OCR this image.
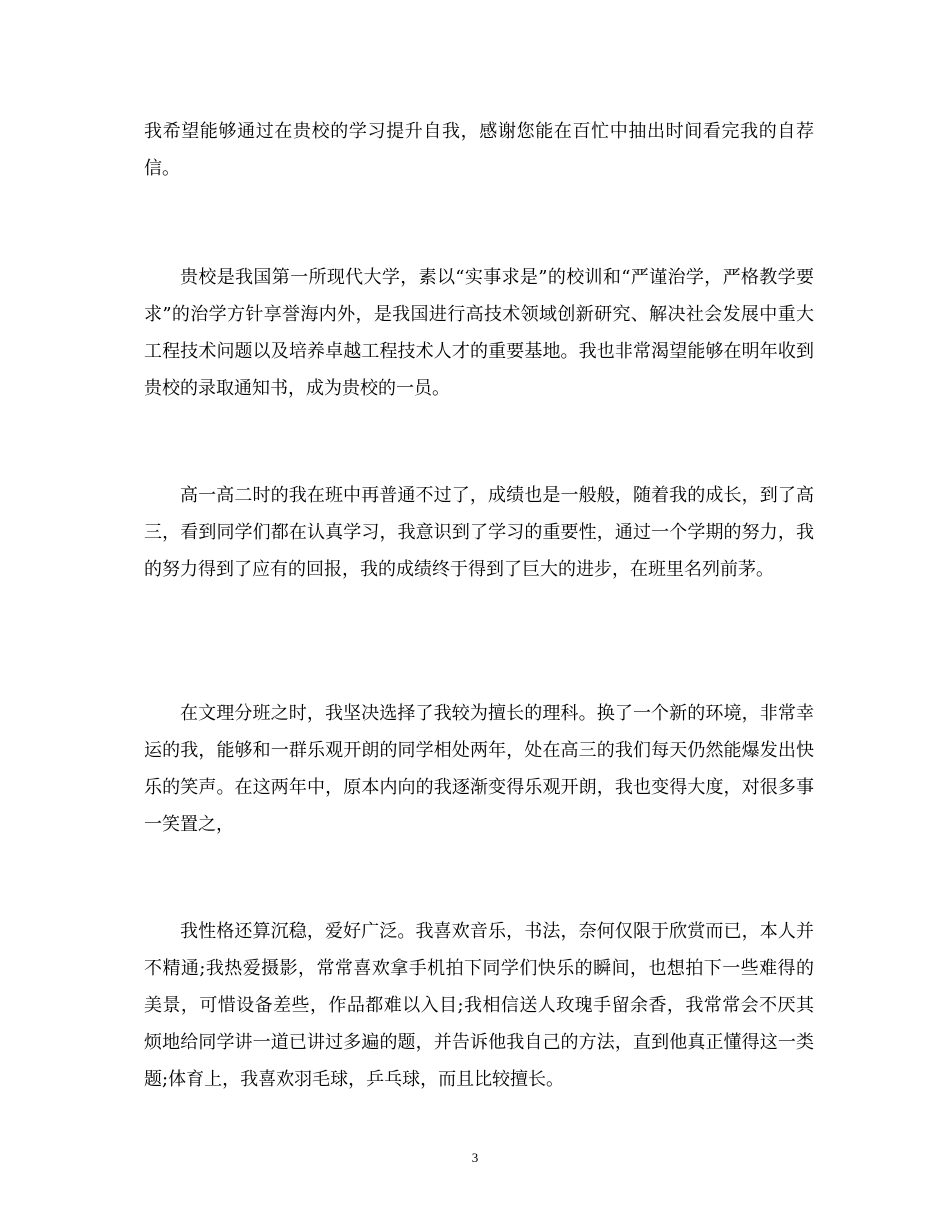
我希望能够通过在贵校的学习提升自我，感谢您能在百忙中抽出时间看完我的自荐信。

贵校是我国第一所现代大学，素以“实事求是”的校训和“严谨治学，严格教学要求”的治学方针享誉海内外，是我国进行高技术领域创新研究、解决社会发展中重大工程技术问题以及培养卓越工程技术人才的重要基地。我也非常渴望能够在明年收到贵校的录取通知书，成为贵校的一员。

高一高二时的我在班中再普通不过了，成绩也是一般般，随着我的成长，到了高三，看到同学们都在认真学习，我意识到了学习的重要性，通过一个学期的努力，我的努力得到了应有的回报，我的成绩终于得到了巨大的进步，在班里名列前茅。

在文理分班之时，我坚决选择了我较为擅长的理科。换了一个新的环境，非常幸运的我，能够和一群乐观开朗的同学相处两年，处在高三的我们每天仍然能爆发出快乐的笑声。在这两年中，原本内向的我逐渐变得乐观开朗，我也变得大度，对很多事一笑置之，

我性格还算沉稳，爱好广泛。我喜欢音乐，书法，奈何仅限于欣赏而已，本人并不精通;我热爱摄影，常常喜欢拿手机拍下同学们快乐的瞬间，也想拍下一些难得的美景，可惜设备差些，作品都难以入目;我相信送人玫瑰手留余香，我常常会不厌其烦地给同学讲一道已讲过多遍的题，并告诉他我自己的方法，直到他真正懂得这一类题;体育上，我喜欢羽毛球，乒乓球，而且比较擅长。

3
